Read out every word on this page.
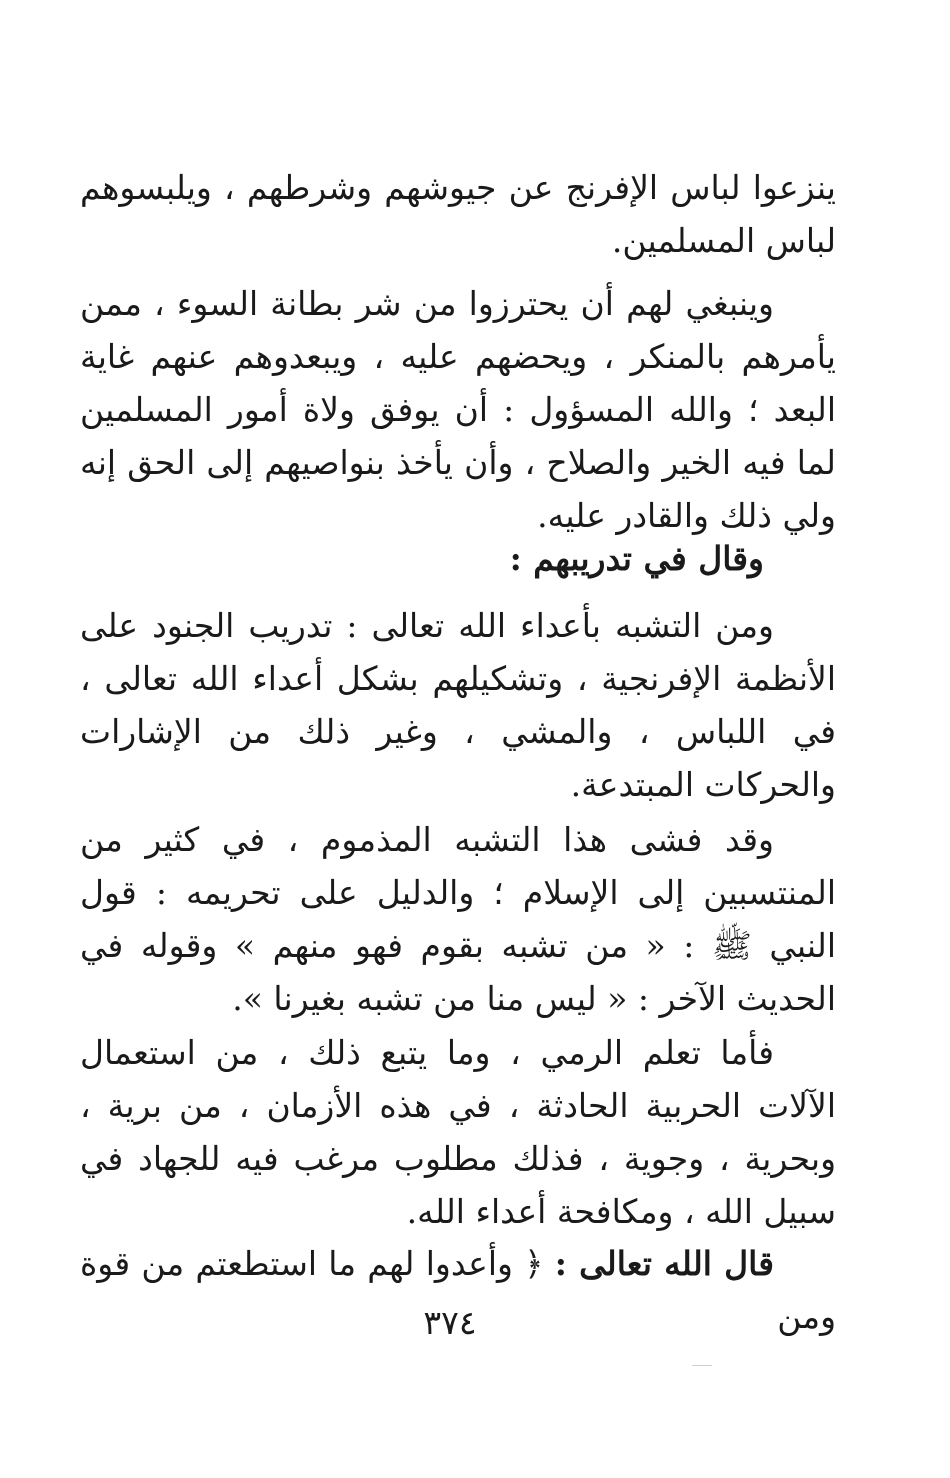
ينزعوا لباس الإفرنج عن جيوشهم وشرطهم ، ويلبسوهم لباس المسلمين.

وينبغي لهم أن يحترزوا من شر بطانة السوء ، ممن يأمرهم بالمنكر ، ويحضهم عليه ، ويبعدوهم عنهم غاية البعد ؛ والله المسؤول : أن يوفق ولاة أمور المسلمين لما فيه الخير والصلاح ، وأن يأخذ بنواصيهم إلى الحق إنه ولي ذلك والقادر عليه.

وقال في تدريبهم :

ومن التشبه بأعداء الله تعالى : تدريب الجنود على الأنظمة الإفرنجية ، وتشكيلهم بشكل أعداء الله تعالى ، في اللباس ، والمشي ، وغير ذلك من الإشارات والحركات المبتدعة.

وقد فشى هذا التشبه المذموم ، في كثير من المنتسبين إلى الإسلام ؛ والدليل على تحريمه : قول النبي ﷺ : « من تشبه بقوم فهو منهم » وقوله في الحديث الآخر : « ليس منا من تشبه بغيرنا ».

فأما تعلم الرمي ، وما يتبع ذلك ، من استعمال الآلات الحربية الحادثة ، في هذه الأزمان ، من برية ، وبحرية ، وجوية ، فذلك مطلوب مرغب فيه للجهاد في سبيل الله ، ومكافحة أعداء الله.

قال الله تعالى : ﴿ وأعدوا لهم ما استطعتم من قوة ومن

٣٧٤
